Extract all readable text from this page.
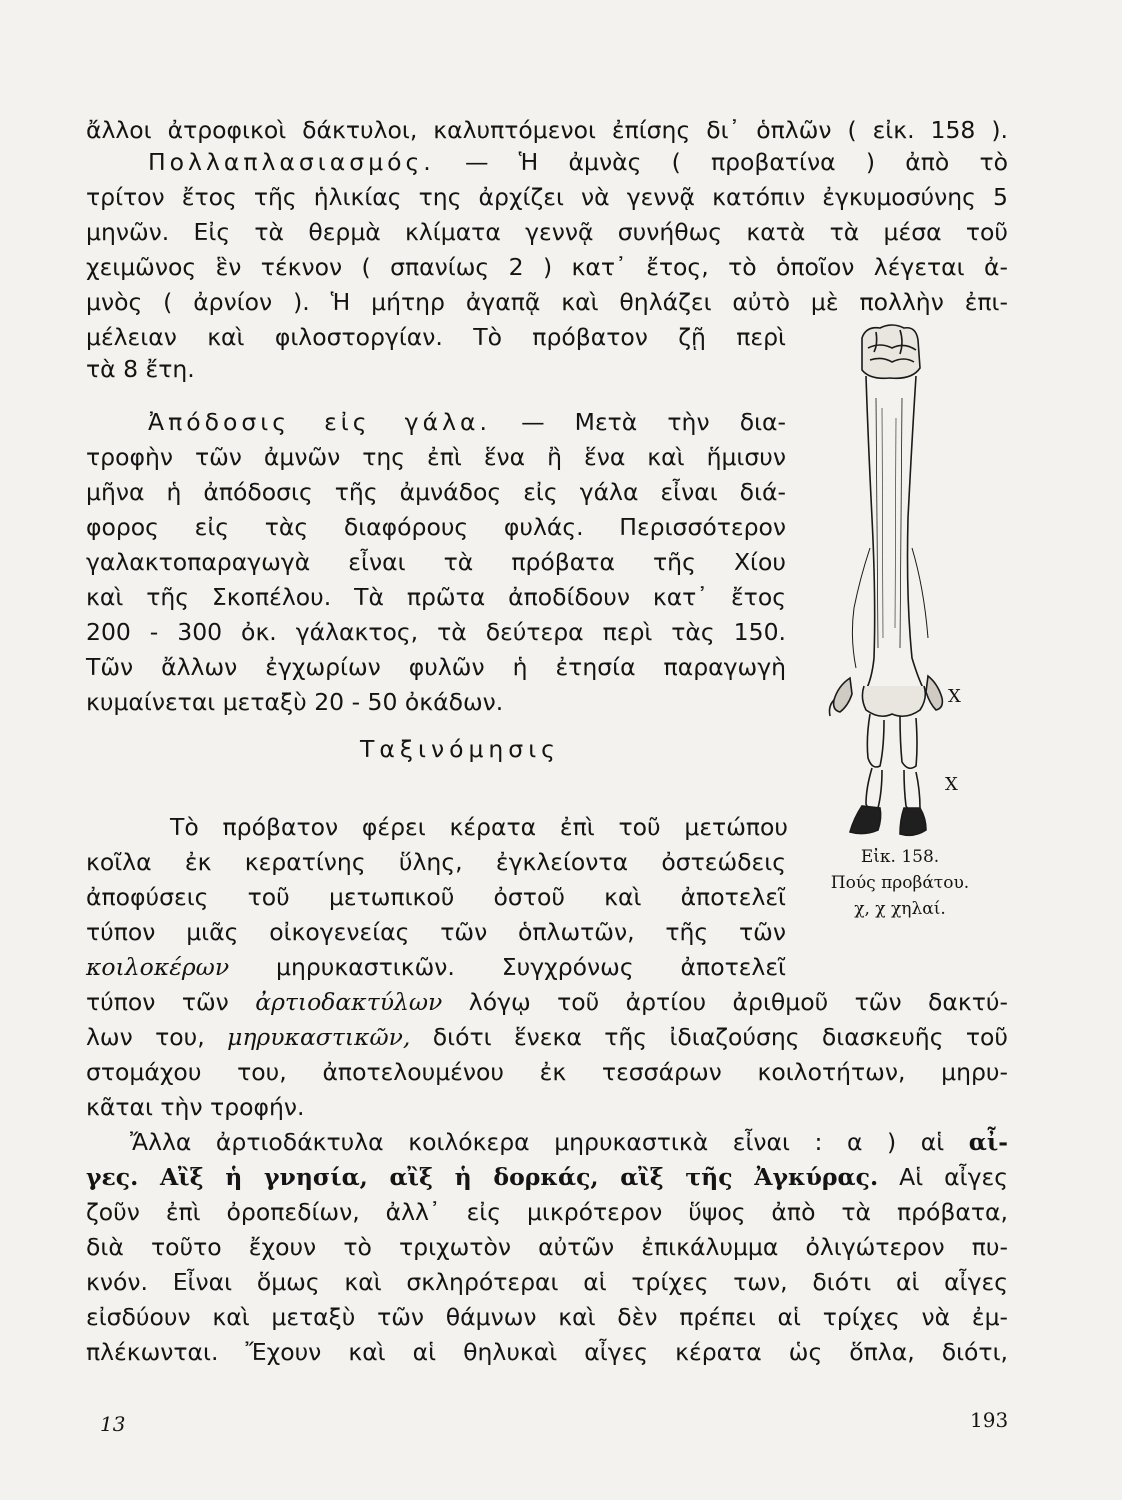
ἄλλοι ἀτροφικοὶ δάκτυλοι, καλυπτόμενοι ἐπίσης δι᾽ ὁπλῶν ( εἰκ. 158 ).
Πολλαπλασιασμός. — Ἡ ἀμνὰς ( προβατίνα ) ἀπὸ τὸ
τρίτον ἔτος τῆς ἡλικίας της ἀρχίζει νὰ γεννᾷ κατόπιν ἐγκυμοσύνης 5
μηνῶν. Εἰς τὰ θερμὰ κλίματα γεννᾷ συνήθως κατὰ τὰ μέσα τοῦ
χειμῶνος ἓν τέκνον ( σπανίως 2 ) κατ᾽ ἔτος, τὸ ὁποῖον λέγεται ἀ-
μνὸς ( ἀρνίον ). Ἡ μήτηρ ἀγαπᾷ καὶ θηλάζει αὐτὸ μὲ πολλὴν ἐπι-
μέλειαν καὶ φιλοστοργίαν. Τὸ πρόβατον ζῇ περὶ
τὰ 8 ἔτη.
Ἀπόδοσις εἰς γάλα. — Μετὰ τὴν δια-
τροφὴν τῶν ἀμνῶν της ἐπὶ ἕνα ἢ ἕνα καὶ ἥμισυν
μῆνα ἡ ἀπόδοσις τῆς ἀμνάδος εἰς γάλα εἶναι διά-
φορος εἰς τὰς διαφόρους φυλάς. Περισσότερον
γαλακτοπαραγωγὰ εἶναι τὰ πρόβατα τῆς Χίου
καὶ τῆς Σκοπέλου. Τὰ πρῶτα ἀποδίδουν κατ᾽ ἔτος
200 - 300 ὀκ. γάλακτος, τὰ δεύτερα περὶ τὰς 150.
Τῶν ἄλλων ἐγχωρίων φυλῶν ἡ ἐτησία παραγωγὴ
κυμαίνεται μεταξὺ 20 - 50 ὀκάδων.
Ταξινόμησις
Τὸ πρόβατον φέρει κέρατα ἐπὶ τοῦ μετώπου
κοῖλα ἐκ κερατίνης ὕλης, ἐγκλείοντα ὀστεώδεις
ἀποφύσεις τοῦ μετωπικοῦ ὀστοῦ καὶ ἀποτελεῖ
τύπον μιᾶς οἰκογενείας τῶν ὁπλωτῶν, τῆς τῶν
κοιλοκέρων μηρυκαστικῶν. Συγχρόνως ἀποτελεῖ
τύπον τῶν ἀρτιοδακτύλων λόγῳ τοῦ ἀρτίου ἀριθμοῦ τῶν δακτύ-
λων του, μηρυκαστικῶν, διότι ἕνεκα τῆς ἰδιαζούσης διασκευῆς τοῦ
στομάχου του, ἀποτελουμένου ἐκ τεσσάρων κοιλοτήτων, μηρυ-
κᾶται τὴν τροφήν.
Ἄλλα ἀρτιοδάκτυλα κοιλόκερα μηρυκαστικὰ εἶναι : α ) αἱ αἶ-
γες. Αἲξ ἡ γνησία, αἲξ ἡ δορκάς, αἲξ τῆς Ἀγκύρας. Αἱ αἶγες
ζοῦν ἐπὶ ὀροπεδίων, ἀλλ᾽ εἰς μικρότερον ὕψος ἀπὸ τὰ πρόβατα,
διὰ τοῦτο ἔχουν τὸ τριχωτὸν αὐτῶν ἐπικάλυμμα ὀλιγώτερον πυ-
κνόν. Εἶναι ὅμως καὶ σκληρότεραι αἱ τρίχες των, διότι αἱ αἶγες
εἰσδύουν καὶ μεταξὺ τῶν θάμνων καὶ δὲν πρέπει αἱ τρίχες νὰ ἐμ-
πλέκωνται. Ἔχουν καὶ αἱ θηλυκαὶ αἶγες κέρατα ὡς ὅπλα, διότι,
X
X
Εἰκ. 158.
Πούς προβάτου.
χ, χ χηλαί.
13	193
